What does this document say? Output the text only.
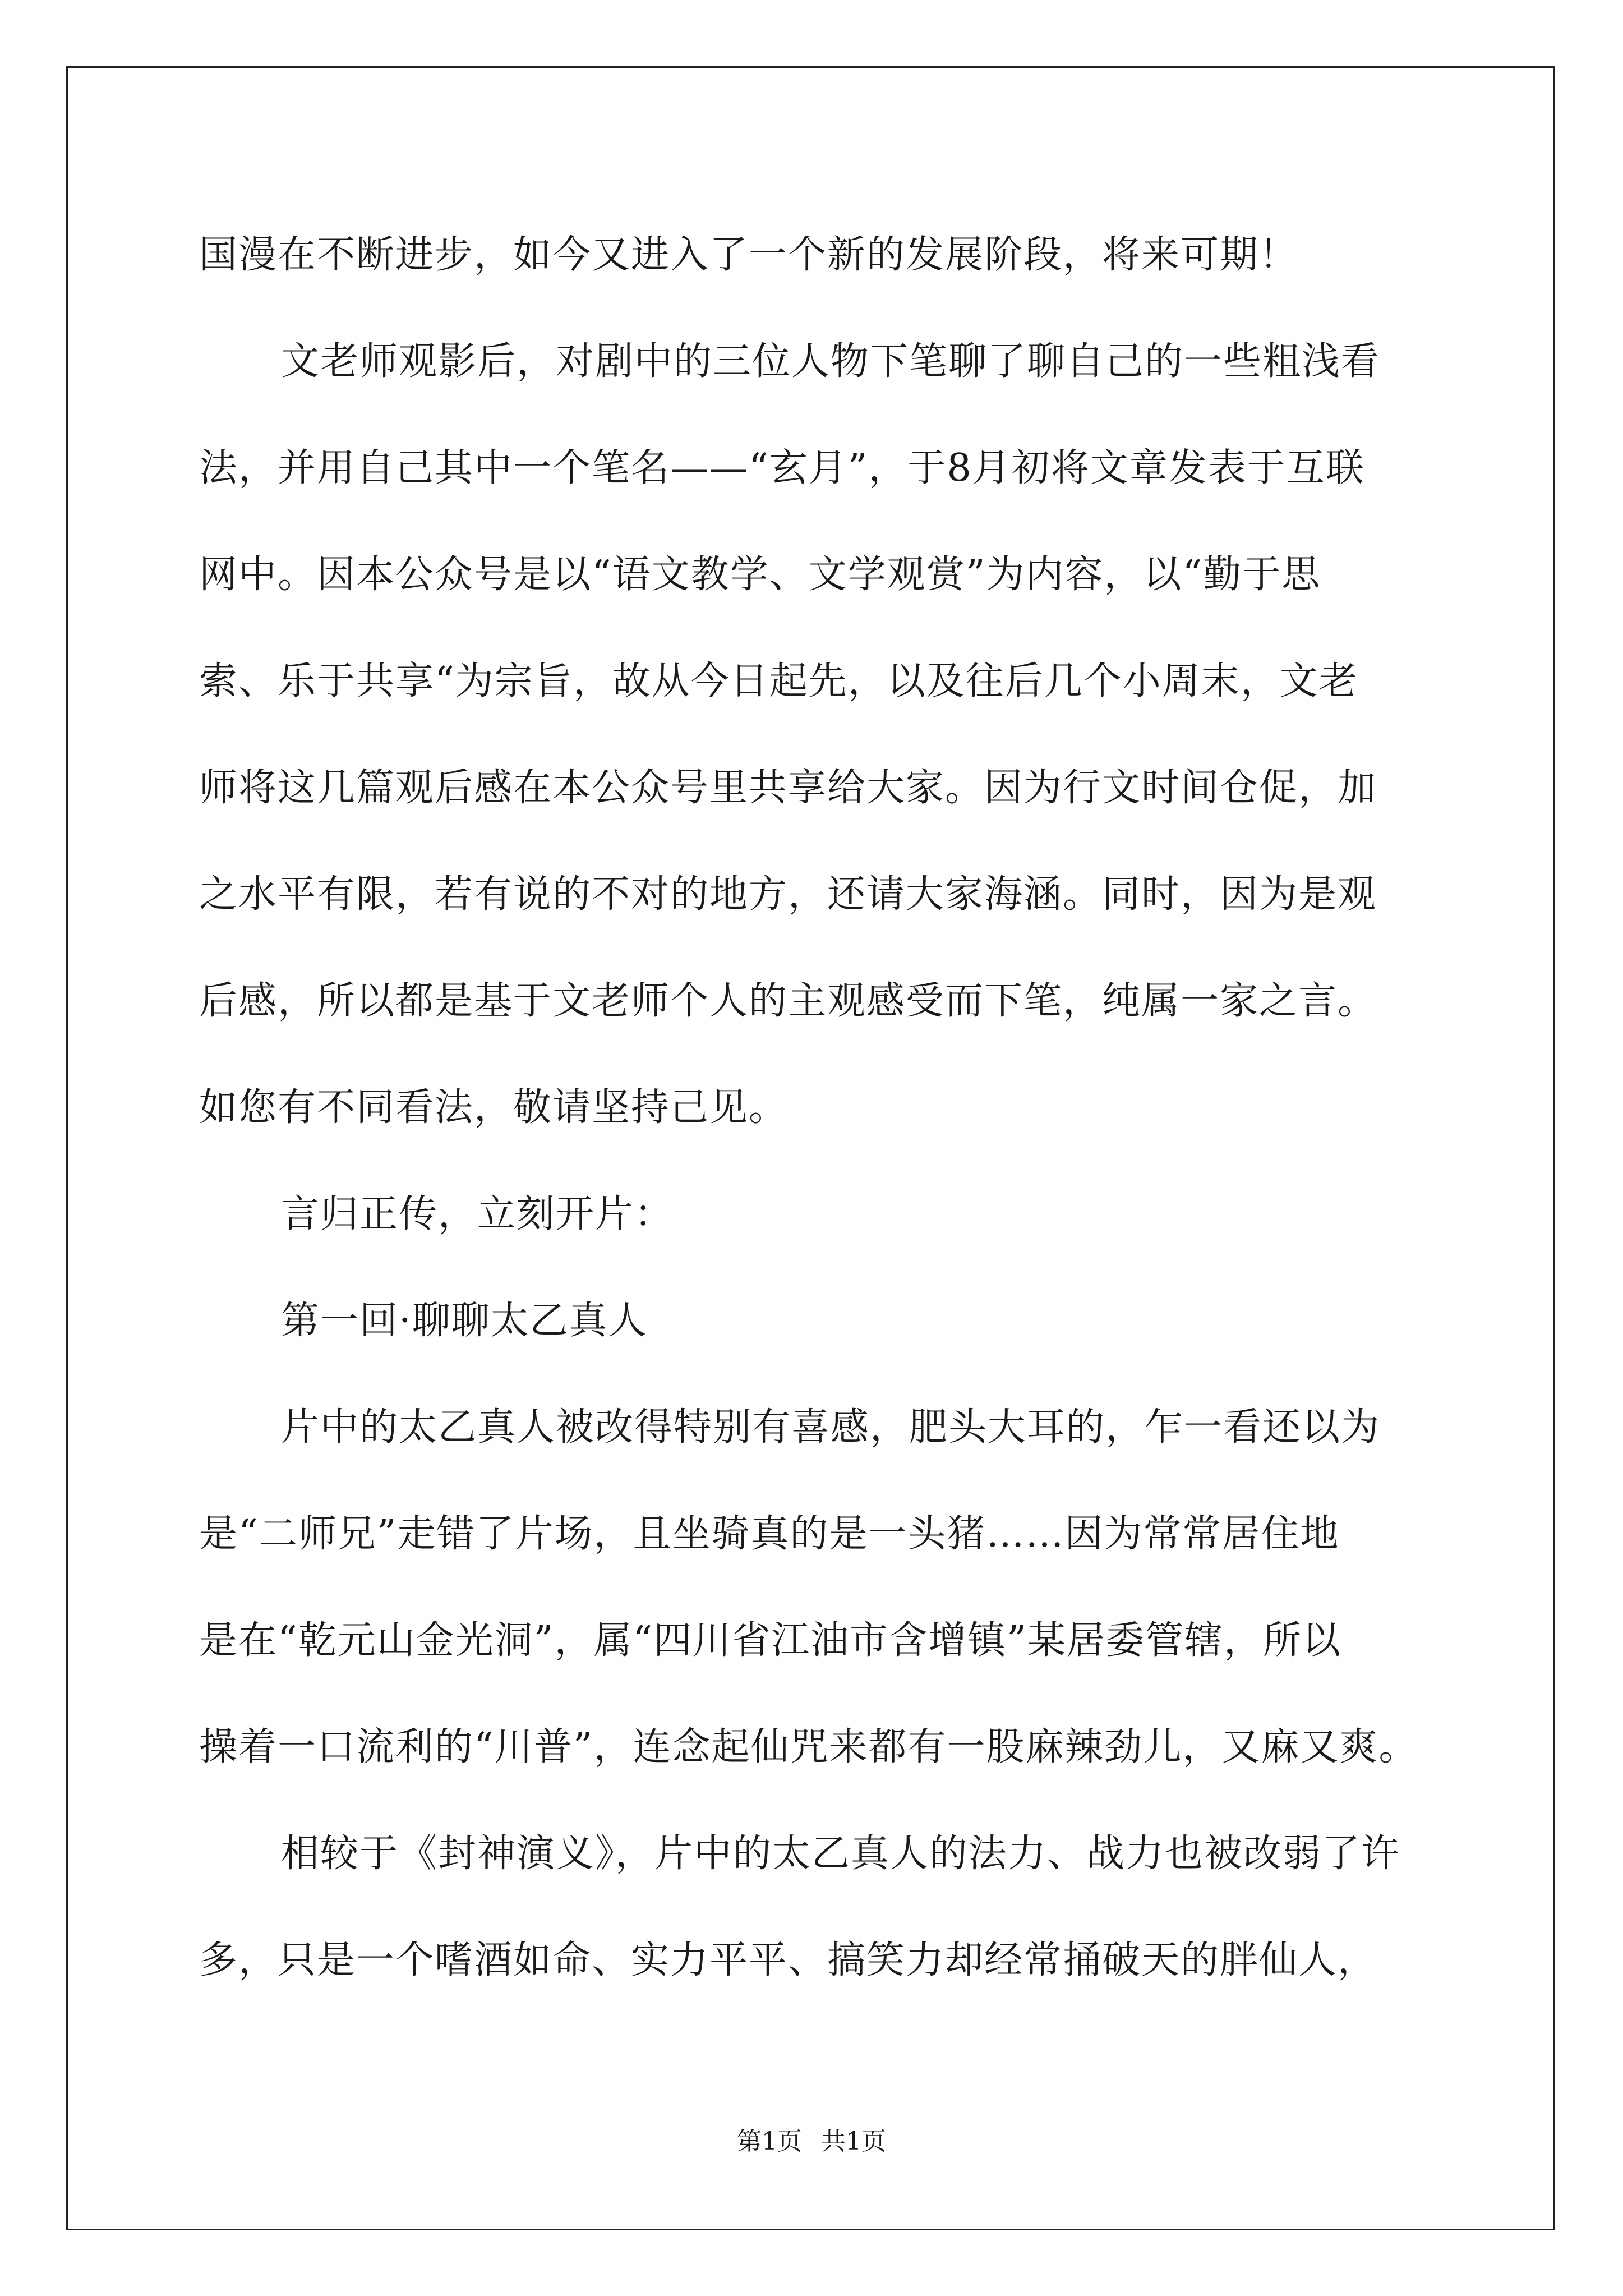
国漫在不断进步，如今又进入了一个新的发展阶段，将来可期！
文老师观影后，对剧中的三位人物下笔聊了聊自己的一些粗浅看
法，并用自己其中一个笔名——“玄月”，于8月初将文章发表于互联
网中。因本公众号是以“语文教学、文学观赏”为内容，以“勤于思
索、乐于共享“为宗旨，故从今日起先，以及往后几个小周末，文老
师将这几篇观后感在本公众号里共享给大家。因为行文时间仓促，加
之水平有限，若有说的不对的地方，还请大家海涵。同时，因为是观
后感，所以都是基于文老师个人的主观感受而下笔，纯属一家之言。
如您有不同看法，敬请坚持己见。
言归正传，立刻开片：
第一回·聊聊太乙真人
片中的太乙真人被改得特别有喜感，肥头大耳的，乍一看还以为
是“二师兄”走错了片场，且坐骑真的是一头猪……因为常常居住地
是在“乾元山金光洞”，属“四川省江油市含增镇”某居委管辖，所以
操着一口流利的“川普”，连念起仙咒来都有一股麻辣劲儿，又麻又爽。
相较于《封神演义》，片中的太乙真人的法力、战力也被改弱了许
多，只是一个嗜酒如命、实力平平、搞笑力却经常捅破天的胖仙人，
第1页 共1页
